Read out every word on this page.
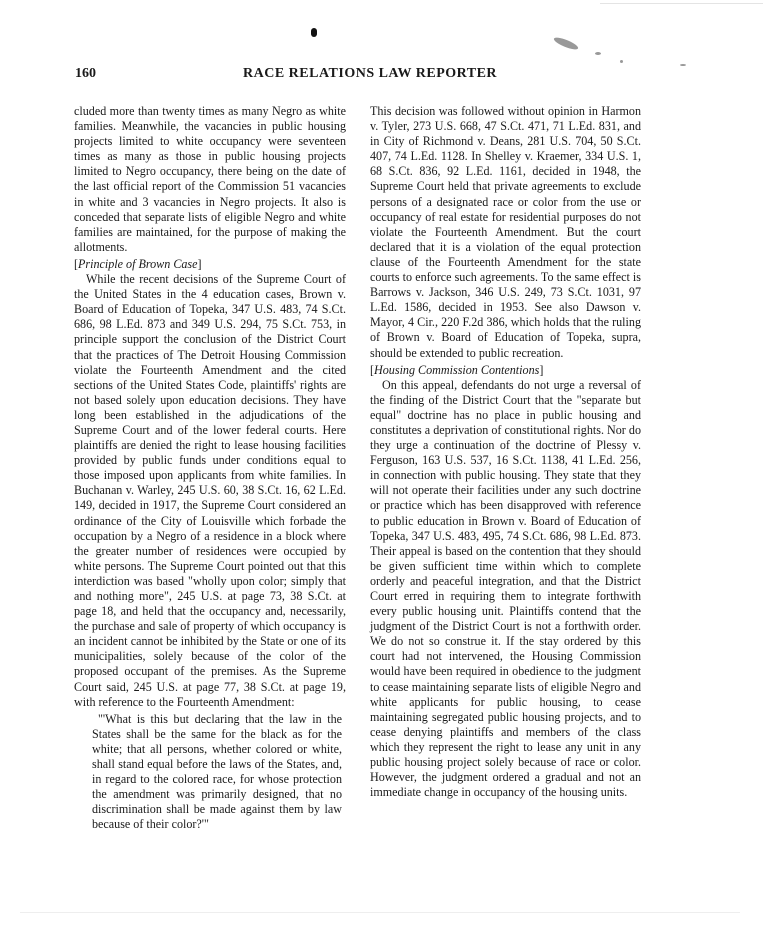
160	RACE RELATIONS LAW REPORTER

cluded more than twenty times as many Negro as white families. Meanwhile, the vacancies in public housing projects limited to white occupancy were seventeen times as many as those in public housing projects limited to Negro occupancy, there being on the date of the last official report of the Commission 51 vacancies in white and 3 vacancies in Negro projects. It also is conceded that separate lists of eligible Negro and white families are maintained, for the purpose of making the allotments.

[Principle of Brown Case]

While the recent decisions of the Supreme Court of the United States in the 4 education cases, Brown v. Board of Education of Topeka, 347 U.S. 483, 74 S.Ct. 686, 98 L.Ed. 873 and 349 U.S. 294, 75 S.Ct. 753, in principle support the conclusion of the District Court that the practices of The Detroit Housing Commission violate the Fourteenth Amendment and the cited sections of the United States Code, plaintiffs' rights are not based solely upon education decisions. They have long been established in the adjudications of the Supreme Court and of the lower federal courts. Here plaintiffs are denied the right to lease housing facilities provided by public funds under conditions equal to those imposed upon applicants from white families. In Buchanan v. Warley, 245 U.S. 60, 38 S.Ct. 16, 62 L.Ed. 149, decided in 1917, the Supreme Court considered an ordinance of the City of Louisville which forbade the occupation by a Negro of a residence in a block where the greater number of residences were occupied by white persons. The Supreme Court pointed out that this interdiction was based "wholly upon color; simply that and nothing more", 245 U.S. at page 73, 38 S.Ct. at page 18, and held that the occupancy and, necessarily, the purchase and sale of property of which occupancy is an incident cannot be inhibited by the State or one of its municipalities, solely because of the color of the proposed occupant of the premises. As the Supreme Court said, 245 U.S. at page 77, 38 S.Ct. at page 19, with reference to the Fourteenth Amendment:

"'What is this but declaring that the law in the States shall be the same for the black as for the white; that all persons, whether colored or white, shall stand equal before the laws of the States, and, in regard to the colored race, for whose protection the amendment was primarily designed, that no discrimination shall be made against them by law because of their color?'"

This decision was followed without opinion in Harmon v. Tyler, 273 U.S. 668, 47 S.Ct. 471, 71 L.Ed. 831, and in City of Richmond v. Deans, 281 U.S. 704, 50 S.Ct. 407, 74 L.Ed. 1128. In Shelley v. Kraemer, 334 U.S. 1, 68 S.Ct. 836, 92 L.Ed. 1161, decided in 1948, the Supreme Court held that private agreements to exclude persons of a designated race or color from the use or occupancy of real estate for residential purposes do not violate the Fourteenth Amendment. But the court declared that it is a violation of the equal protection clause of the Fourteenth Amendment for the state courts to enforce such agreements. To the same effect is Barrows v. Jackson, 346 U.S. 249, 73 S.Ct. 1031, 97 L.Ed. 1586, decided in 1953. See also Dawson v. Mayor, 4 Cir., 220 F.2d 386, which holds that the ruling of Brown v. Board of Education of Topeka, supra, should be extended to public recreation.

[Housing Commission Contentions]

On this appeal, defendants do not urge a reversal of the finding of the District Court that the "separate but equal" doctrine has no place in public housing and constitutes a deprivation of constitutional rights. Nor do they urge a continuation of the doctrine of Plessy v. Ferguson, 163 U.S. 537, 16 S.Ct. 1138, 41 L.Ed. 256, in connection with public housing. They state that they will not operate their facilities under any such doctrine or practice which has been disapproved with reference to public education in Brown v. Board of Education of Topeka, 347 U.S. 483, 495, 74 S.Ct. 686, 98 L.Ed. 873. Their appeal is based on the contention that they should be given sufficient time within which to complete orderly and peaceful integration, and that the District Court erred in requiring them to integrate forthwith every public housing unit. Plaintiffs contend that the judgment of the District Court is not a forthwith order. We do not so construe it. If the stay ordered by this court had not intervened, the Housing Commission would have been required in obedience to the judgment to cease maintaining separate lists of eligible Negro and white applicants for public housing, to cease maintaining segregated public housing projects, and to cease denying plaintiffs and members of the class which they represent the right to lease any unit in any public housing project solely because of race or color. However, the judgment ordered a gradual and not an immediate change in occupancy of the housing units.
